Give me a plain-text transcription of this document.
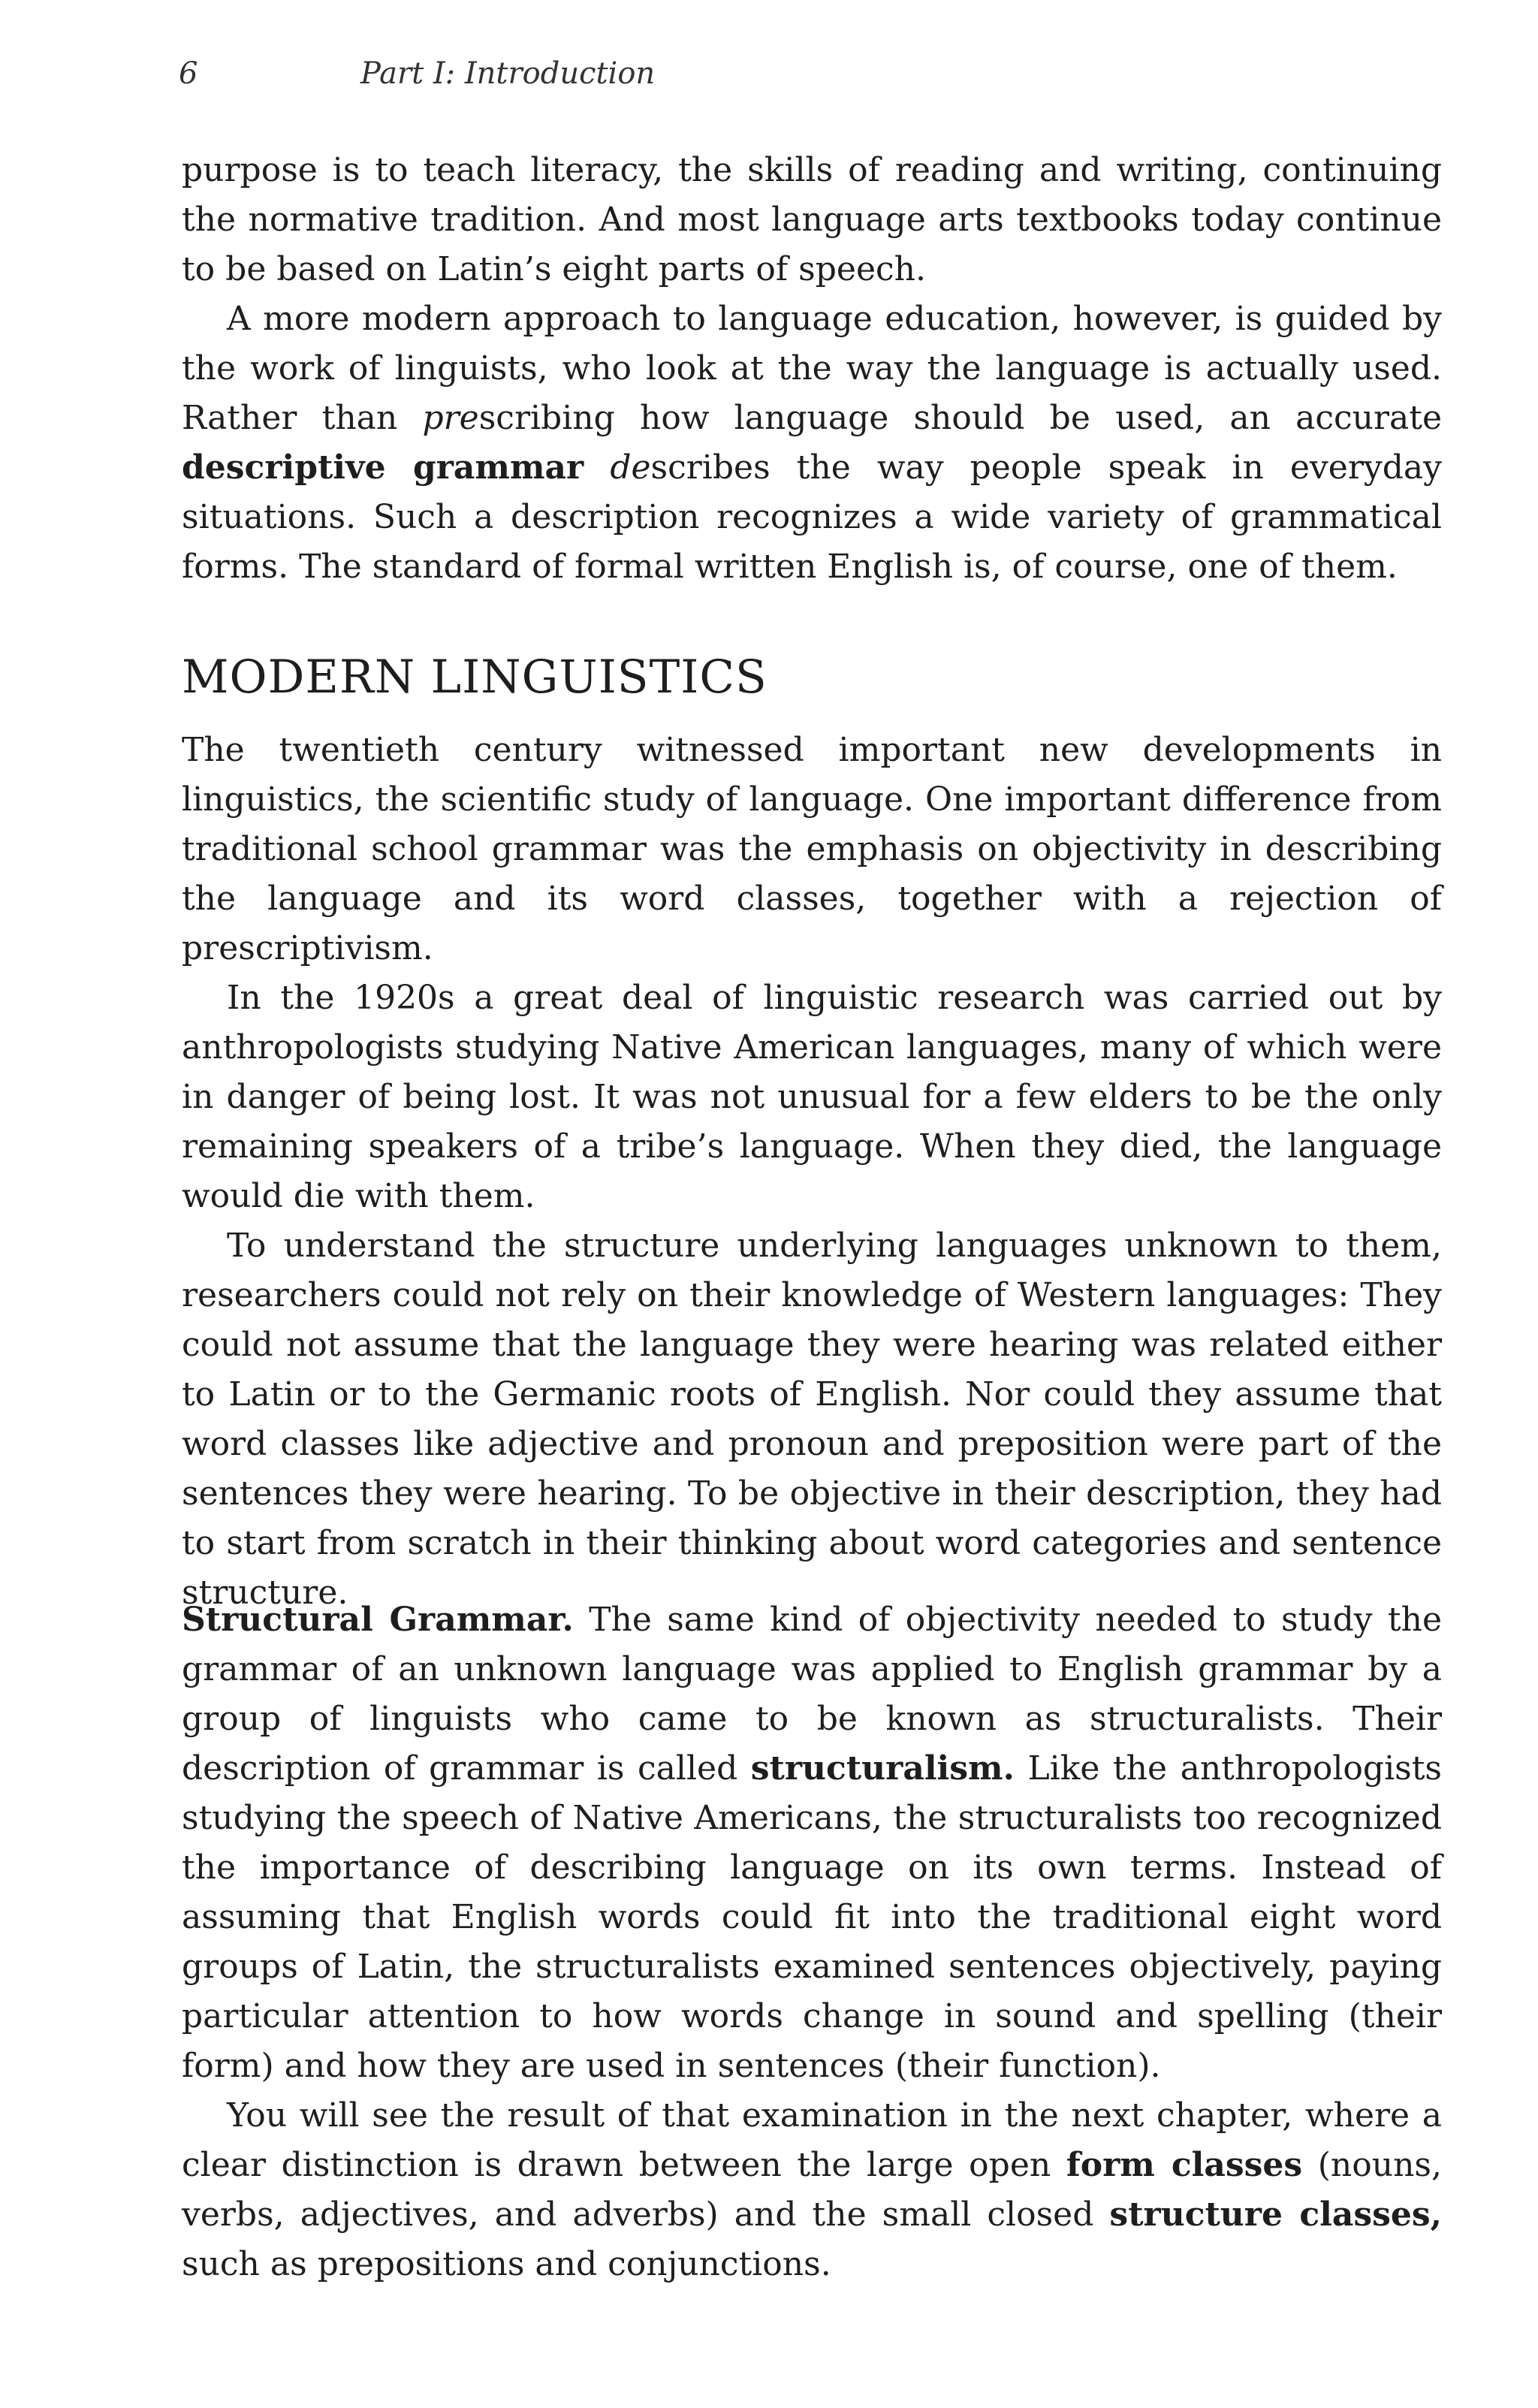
6	Part I: Introduction

purpose is to teach literacy, the skills of reading and writing, continuing the normative tradition. And most language arts textbooks today continue to be based on Latin’s eight parts of speech.

A more modern approach to language education, however, is guided by the work of linguists, who look at the way the language is actually used. Rather than prescribing how language should be used, an accurate descriptive grammar describes the way people speak in everyday situations. Such a description recognizes a wide variety of grammatical forms. The standard of formal written English is, of course, one of them.

MODERN LINGUISTICS

The twentieth century witnessed important new developments in linguistics, the scientific study of language. One important difference from traditional school grammar was the emphasis on objectivity in describing the language and its word classes, together with a rejection of prescriptivism.

In the 1920s a great deal of linguistic research was carried out by anthropologists studying Native American languages, many of which were in danger of being lost. It was not unusual for a few elders to be the only remaining speakers of a tribe’s language. When they died, the language would die with them.

To understand the structure underlying languages unknown to them, researchers could not rely on their knowledge of Western languages: They could not assume that the language they were hearing was related either to Latin or to the Germanic roots of English. Nor could they assume that word classes like adjective and pronoun and preposition were part of the sentences they were hearing. To be objective in their description, they had to start from scratch in their thinking about word categories and sentence structure.

Structural Grammar. The same kind of objectivity needed to study the grammar of an unknown language was applied to English grammar by a group of linguists who came to be known as structuralists. Their description of grammar is called structuralism. Like the anthropologists studying the speech of Native Americans, the structuralists too recognized the importance of describing language on its own terms. Instead of assuming that English words could fit into the traditional eight word groups of Latin, the structuralists examined sentences objectively, paying particular attention to how words change in sound and spelling (their form) and how they are used in sentences (their function).

You will see the result of that examination in the next chapter, where a clear distinction is drawn between the large open form classes (nouns, verbs, adjectives, and adverbs) and the small closed structure classes, such as prepositions and conjunctions.
